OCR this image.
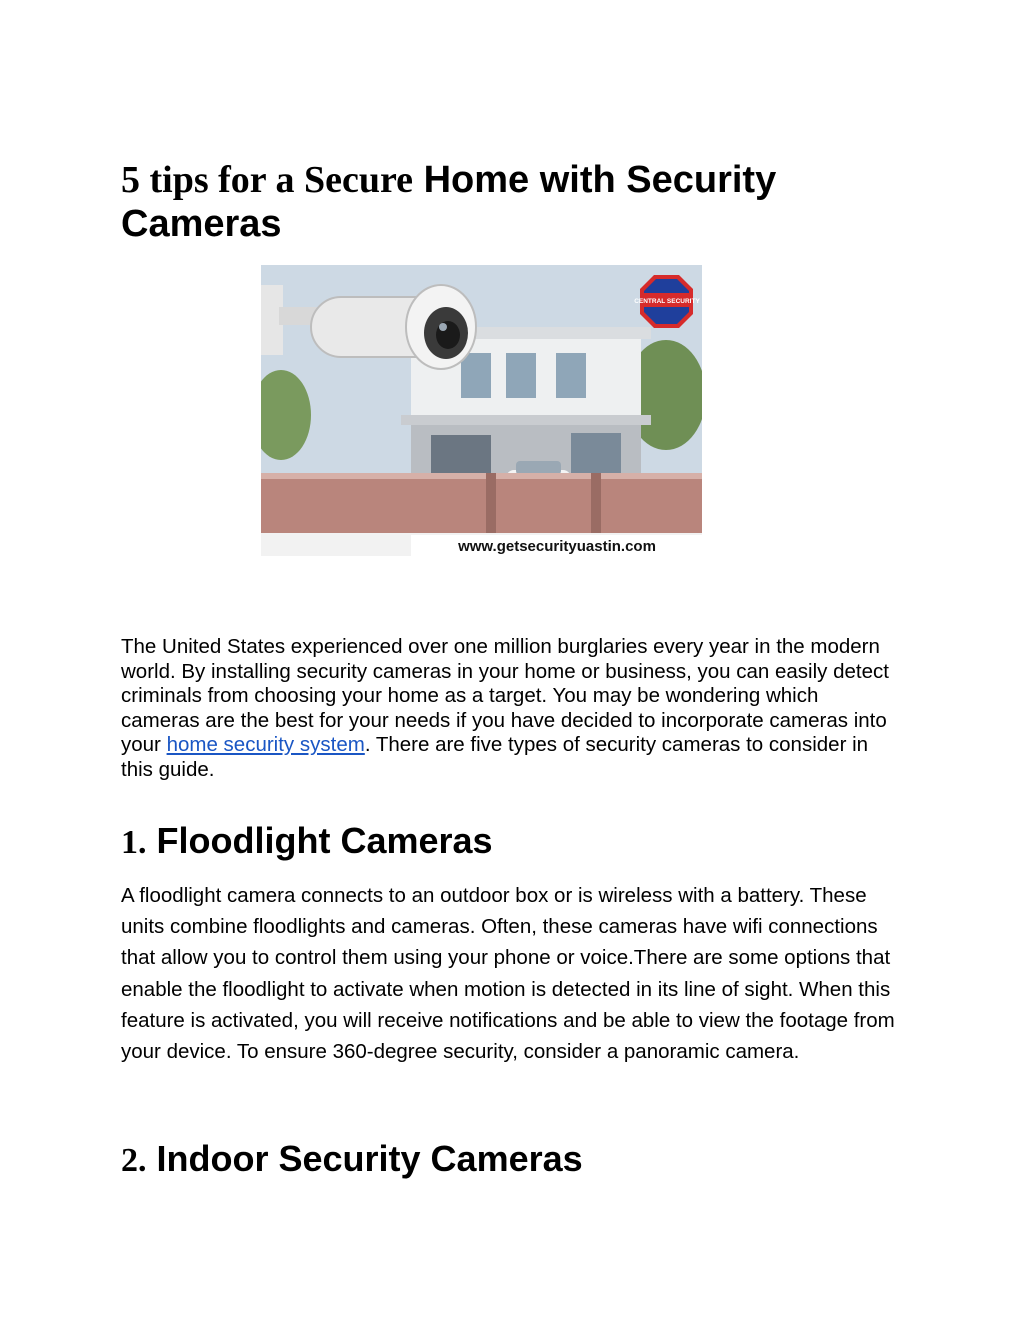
5 tips for a Secure Home with Security Cameras
CENTRAL SECURITY
www.getsecurityuastin.com

The United States experienced over one million burglaries every year in the modern world. By installing security cameras in your home or business, you can easily detect criminals from choosing your home as a target. You may be wondering which cameras are the best for your needs if you have decided to incorporate cameras into your home security system. There are five types of security cameras to consider in this guide.

1. Floodlight Cameras

A floodlight camera connects to an outdoor box or is wireless with a battery. These units combine floodlights and cameras. Often, these cameras have wifi connections that allow you to control them using your phone or voice.There are some options that enable the floodlight to activate when motion is detected in its line of sight. When this feature is activated, you will receive notifications and be able to view the footage from your device. To ensure 360-degree security, consider a panoramic camera.

2. Indoor Security Cameras
